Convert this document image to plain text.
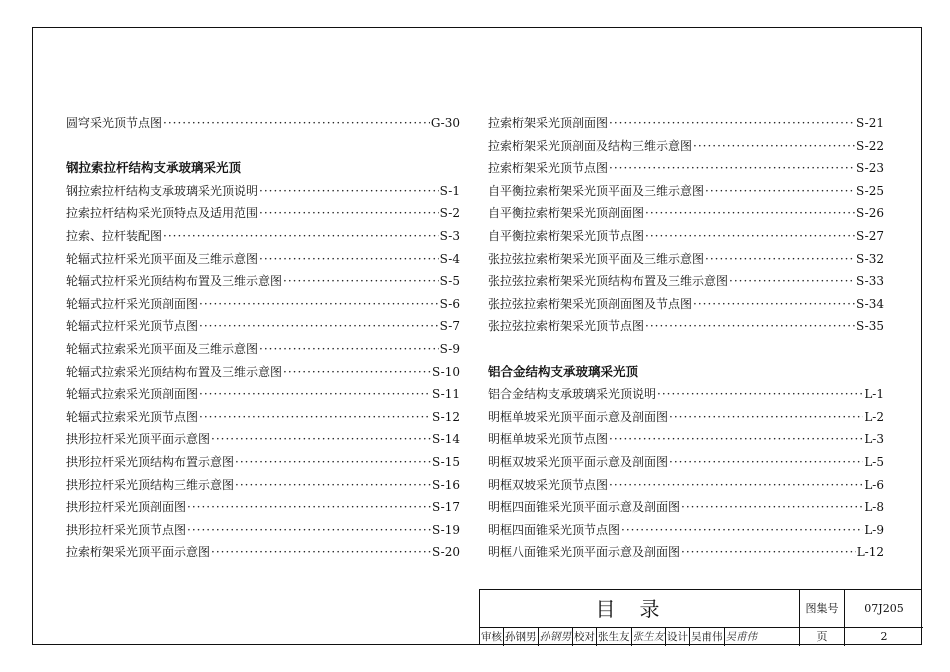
圆穹采光顶节点图 ·····	G-30
钢拉索拉杆结构支承玻璃采光顶
钢拉索拉杆结构支承玻璃采光顶说明 ·····	S-1
拉索拉杆结构采光顶特点及适用范围 ·····	S-2
拉索、拉杆装配图 ·····	S-3
轮辐式拉杆采光顶平面及三维示意图 ·····	S-4
轮辐式拉杆采光顶结构布置及三维示意图 ·····	S-5
轮辐式拉杆采光顶剖面图 ·····	S-6
轮辐式拉杆采光顶节点图 ·····	S-7
轮辐式拉索采光顶平面及三维示意图 ·····	S-9
轮辐式拉索采光顶结构布置及三维示意图 ·····	S-10
轮辐式拉索采光顶剖面图 ·····	S-11
轮辐式拉索采光顶节点图 ·····	S-12
拱形拉杆采光顶平面示意图 ·····	S-14
拱形拉杆采光顶结构布置示意图 ·····	S-15
拱形拉杆采光顶结构三维示意图 ·····	S-16
拱形拉杆采光顶剖面图 ·····	S-17
拱形拉杆采光顶节点图 ·····	S-19
拉索桁架采光顶平面示意图 ·····	S-20
拉索桁架采光顶剖面图 ·····	S-21
拉索桁架采光顶剖面及结构三维示意图 ·····	S-22
拉索桁架采光顶节点图 ·····	S-23
自平衡拉索桁架采光顶平面及三维示意图 ·····	S-25
自平衡拉索桁架采光顶剖面图 ·····	S-26
自平衡拉索桁架采光顶节点图 ·····	S-27
张拉弦拉索桁架采光顶平面及三维示意图 ·····	S-32
张拉弦拉索桁架采光顶结构布置及三维示意图 ·····	S-33
张拉弦拉索桁架采光顶剖面图及节点图 ·····	S-34
张拉弦拉索桁架采光顶节点图 ·····	S-35
铝合金结构支承玻璃采光顶
铝合金结构支承玻璃采光顶说明 ·····	L-1
明框单坡采光顶平面示意及剖面图 ·····	L-2
明框单坡采光顶节点图 ·····	L-3
明框双坡采光顶平面示意及剖面图 ·····	L-5
明框双坡采光顶节点图 ·····	L-6
明框四面锥采光顶平面示意及剖面图 ·····	L-8
明框四面锥采光顶节点图 ·····	L-9
明框八面锥采光顶平面示意及剖面图 ·····	L-12
目录	图集号	07J205
审核 孙钢男 孙钢男 校对 张生友 张生友 设计 吴甫伟 吴甫伟	页	2
